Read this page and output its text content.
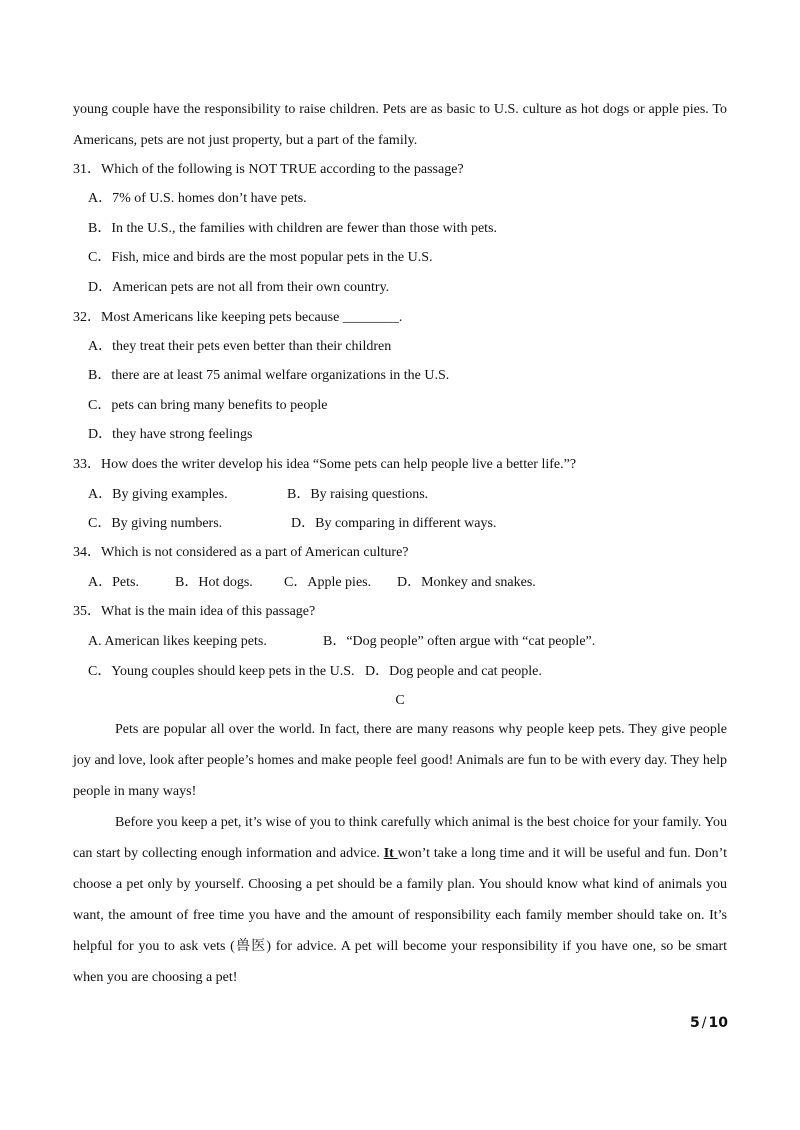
young couple have the responsibility to raise children. Pets are as basic to U.S. culture as hot dogs or apple pies. To
Americans, pets are not just property, but a part of the family.
31．Which of the following is NOT TRUE according to the passage?
A．7% of U.S. homes don’t have pets.
B．In the U.S., the families with children are fewer than those with pets.
C．Fish, mice and birds are the most popular pets in the U.S.
D．American pets are not all from their own country.
32．Most Americans like keeping pets because ________.
A．they treat their pets even better than their children
B．there are at least 75 animal welfare organizations in the U.S.
C．pets can bring many benefits to people
D．they have strong feelings
33．How does the writer develop his idea “Some pets can help people live a better life.”?
A．By giving examples.	B．By raising questions.
C．By giving numbers.	D．By comparing in different ways.
34．Which is not considered as a part of American culture?
A．Pets.	B．Hot dogs. C．Apple pies. D．Monkey and snakes.
35．What is the main idea of this passage?
A. American likes keeping pets.	B．“Dog people” often argue with “cat people”.
C．Young couples should keep pets in the U.S. D．Dog people and cat people.
C
Pets are popular all over the world. In fact, there are many reasons why people keep pets. They give people joy and love, look after people’s homes and make people feel good! Animals are fun to be with every day. They help people in many ways!
Before you keep a pet, it’s wise of you to think carefully which animal is the best choice for your family. You can start by collecting enough information and advice. It won’t take a long time and it will be useful and fun. Don’t choose a pet only by yourself. Choosing a pet should be a family plan. You should know what kind of animals you want, the amount of free time you have and the amount of responsibility each family member should take on. It’s helpful for you to ask vets (兽医) for advice. A pet will become your responsibility if you have one, so be smart when you are choosing a pet!
5 / 10
